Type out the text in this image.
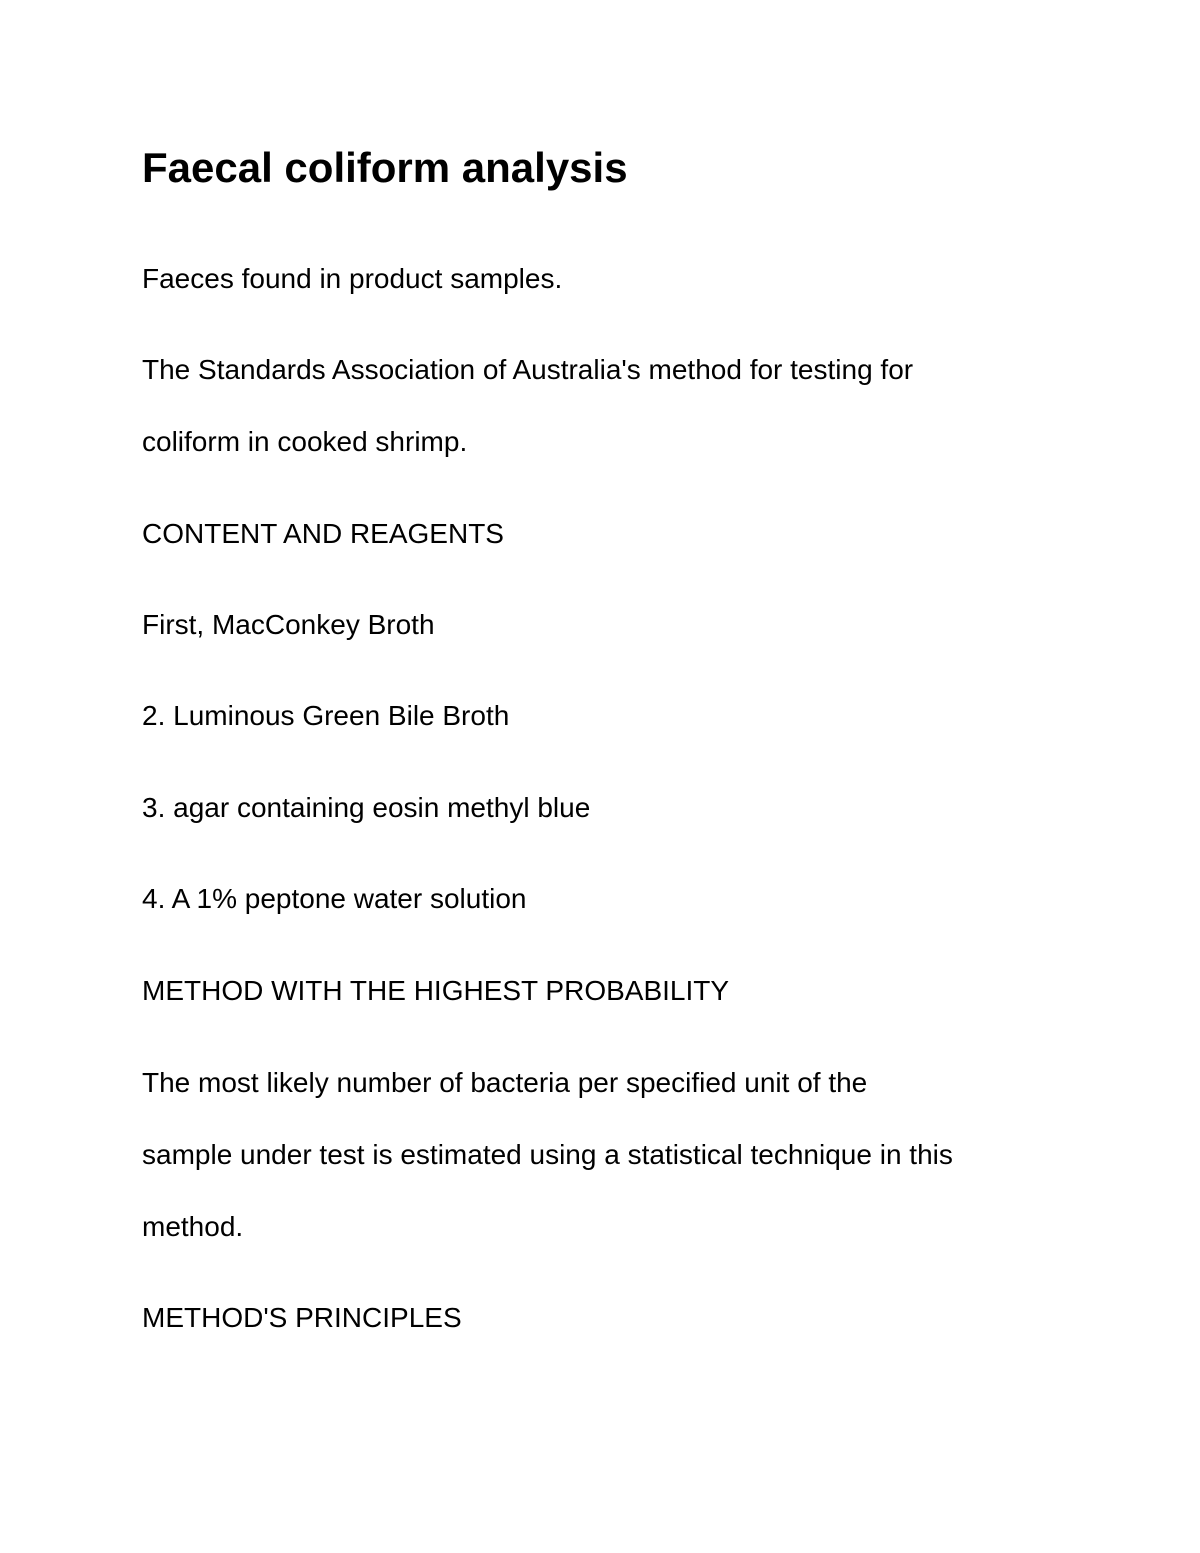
Faecal coliform analysis

Faeces found in product samples.

The Standards Association of Australia's method for testing for

coliform in cooked shrimp.

CONTENT AND REAGENTS

First, MacConkey Broth

2. Luminous Green Bile Broth

3. agar containing eosin methyl blue

4. A 1% peptone water solution

METHOD WITH THE HIGHEST PROBABILITY

The most likely number of bacteria per specified unit of the

sample under test is estimated using a statistical technique in this

method.

METHOD'S PRINCIPLES
